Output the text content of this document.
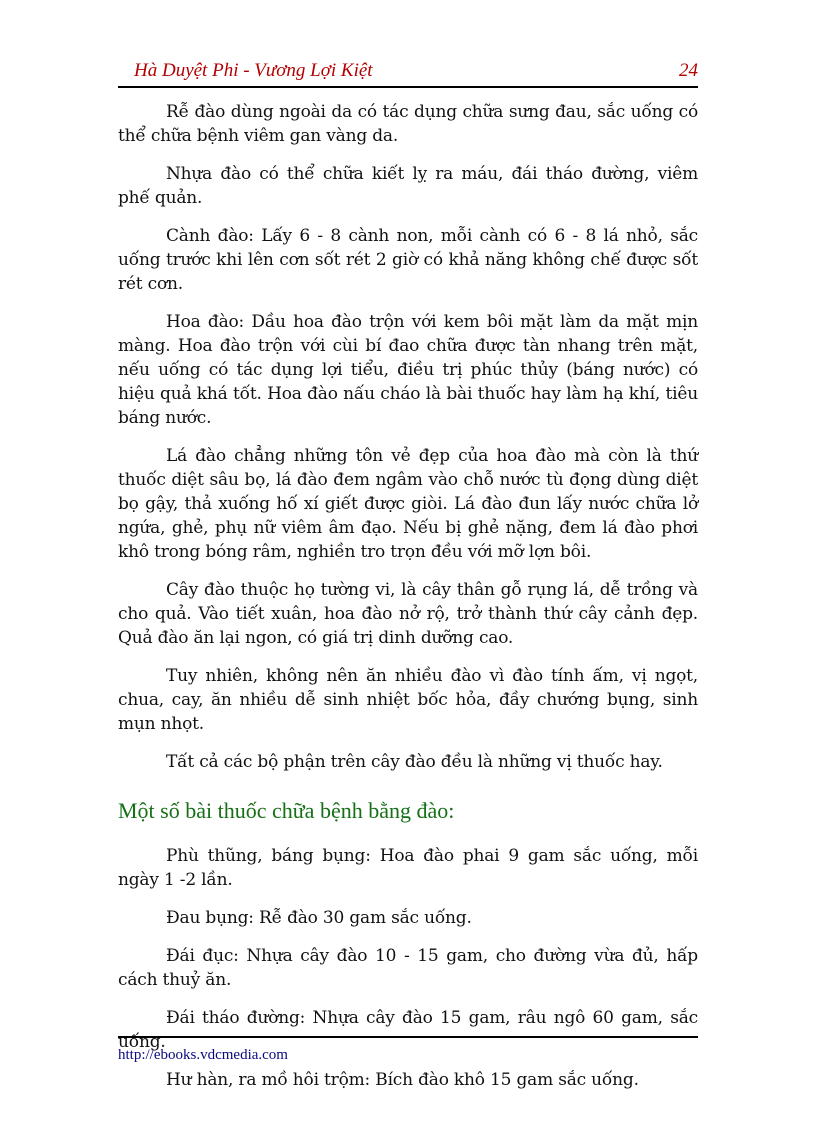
Hà Duyệt Phi - Vương Lợi Kiệt	24

Rễ đào dùng ngoài da có tác dụng chữa sưng đau, sắc uống có thể chữa bệnh viêm gan vàng da.

Nhựa đào có thể chữa kiết lỵ ra máu, đái tháo đường, viêm phế quản.

Cành đào: Lấy 6 - 8 cành non, mỗi cành có 6 - 8 lá nhỏ, sắc uống trước khi lên cơn sốt rét 2 giờ có khả năng không chế được sốt rét cơn.

Hoa đào: Dầu hoa đào trộn với kem bôi mặt làm da mặt mịn màng. Hoa đào trộn với cùi bí đao chữa được tàn nhang trên mặt, nếu uống có tác dụng lợi tiểu, điều trị phúc thủy (báng nước) có hiệu quả khá tốt. Hoa đào nấu cháo là bài thuốc hay làm hạ khí, tiêu báng nước.

Lá đào chẳng những tôn vẻ đẹp của hoa đào mà còn là thứ thuốc diệt sâu bọ, lá đào đem ngâm vào chỗ nước tù đọng dùng diệt bọ gậy, thả xuống hố xí giết được giòi. Lá đào đun lấy nước chữa lở ngứa, ghẻ, phụ nữ viêm âm đạo. Nếu bị ghẻ nặng, đem lá đào phơi khô trong bóng râm, nghiền tro trọn đều với mỡ lợn bôi.

Cây đào thuộc họ tường vi, là cây thân gỗ rụng lá, dễ trồng và cho quả. Vào tiết xuân, hoa đào nở rộ, trở thành thứ cây cảnh đẹp. Quả đào ăn lại ngon, có giá trị dinh dưỡng cao.

Tuy nhiên, không nên ăn nhiều đào vì đào tính ấm, vị ngọt, chua, cay, ăn nhiều dễ sinh nhiệt bốc hỏa, đầy chướng bụng, sinh mụn nhọt.

Tất cả các bộ phận trên cây đào đều là những vị thuốc hay.

Một số bài thuốc chữa bệnh bằng đào:

Phù thũng, báng bụng: Hoa đào phai 9 gam sắc uống, mỗi ngày 1 -2 lần.

Đau bụng: Rễ đào 30 gam sắc uống.

Đái đục: Nhựa cây đào 10 - 15 gam, cho đường vừa đủ, hấp cách thuỷ ăn.

Đái tháo đường: Nhựa cây đào 15 gam, râu ngô 60 gam, sắc uống.

Hư hàn, ra mồ hôi trộm: Bích đào khô 15 gam sắc uống.

http://ebooks.vdcmedia.com
